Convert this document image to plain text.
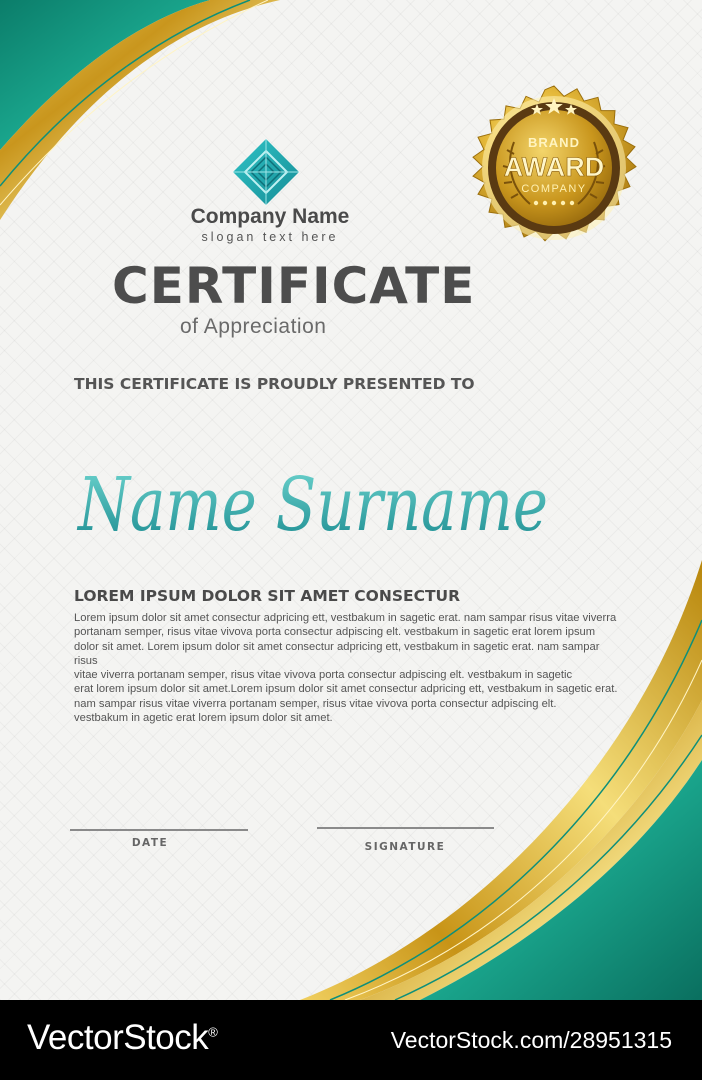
Company Name
slogan text here
CERTIFICATE
of Appreciation
THIS CERTIFICATE IS PROUDLY PRESENTED TO
Name Surname
LOREM IPSUM DOLOR SIT AMET CONSECTUR
Lorem ipsum dolor sit amet consectur adpricing ett, vestbakum in sagetic erat. nam sampar risus vitae viverra
portanam semper, risus vitae vivova porta consectur adpiscing elt. vestbakum in sagetic erat lorem ipsum
dolor sit amet. Lorem ipsum dolor sit amet consectur adpricing ett, vestbakum in sagetic erat. nam sampar risus
vitae viverra portanam semper, risus vitae vivova porta consectur adpiscing elt. vestbakum in sagetic
erat lorem ipsum dolor sit amet.Lorem ipsum dolor sit amet consectur adpricing ett, vestbakum in sagetic erat.
nam sampar risus vitae viverra portanam semper, risus vitae vivova porta consectur adpiscing elt.
vestbakum in agetic erat lorem ipsum dolor sit amet.
DATE	SIGNATURE
BRAND
AWARD
COMPANY
VectorStock®	VectorStock.com/28951315
